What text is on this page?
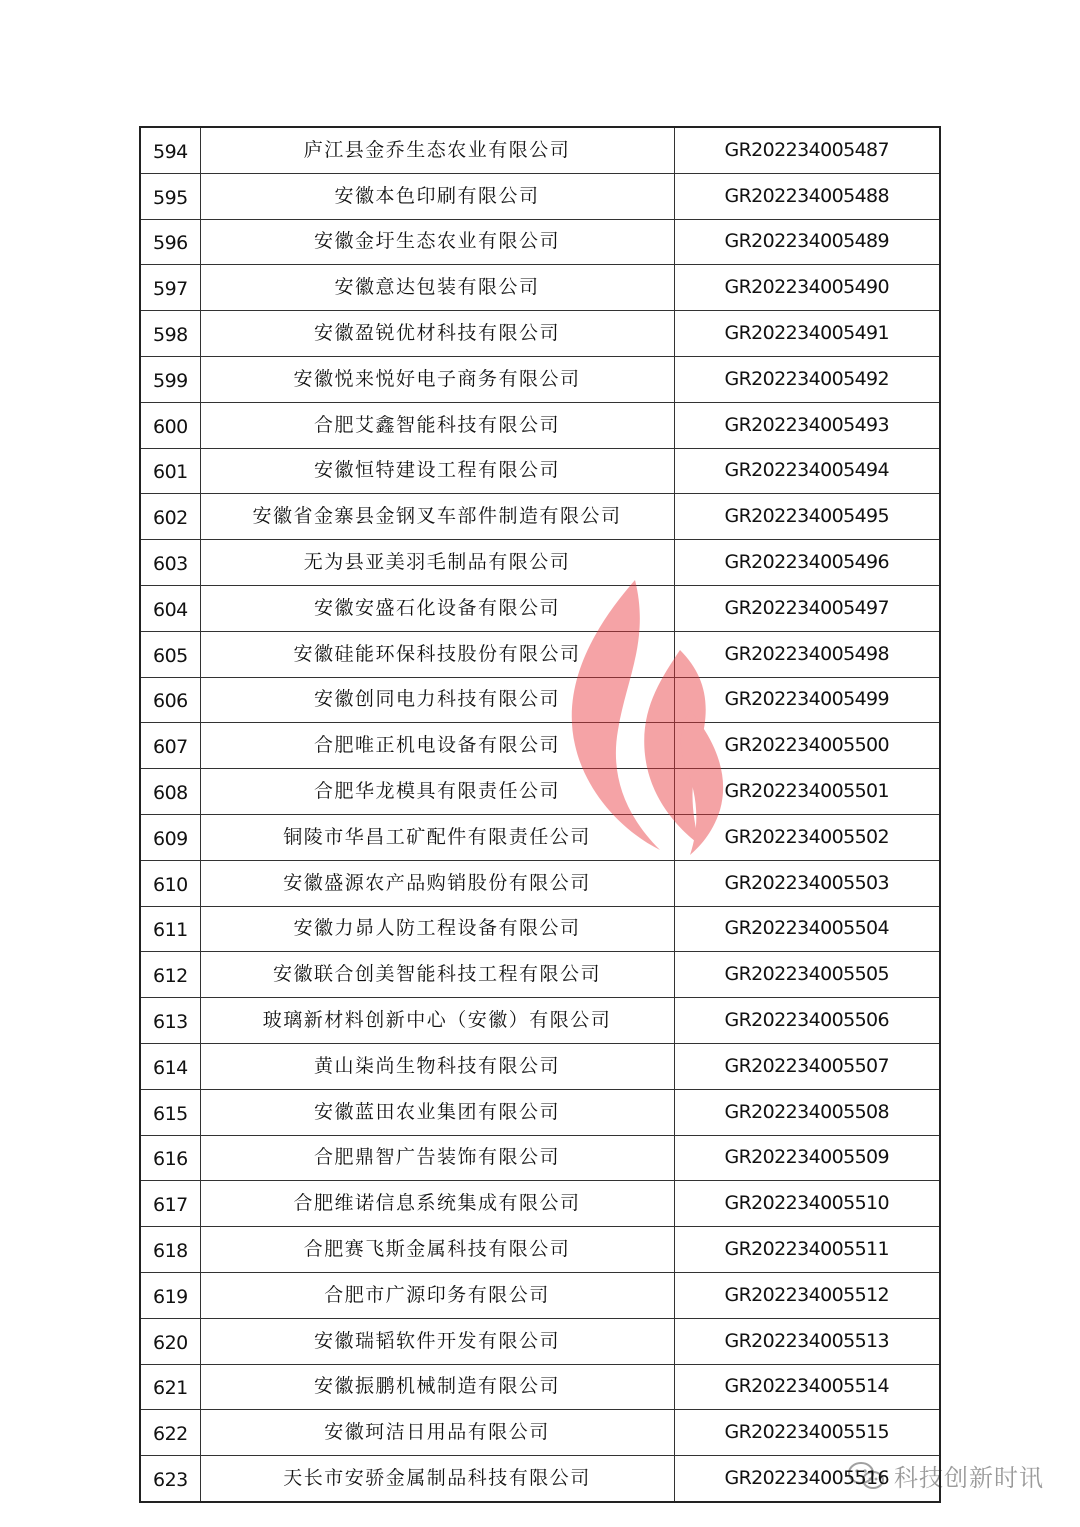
594	庐江县金乔生态农业有限公司	GR202234005487
595	安徽本色印刷有限公司	GR202234005488
596	安徽金圩生态农业有限公司	GR202234005489
597	安徽意达包装有限公司	GR202234005490
598	安徽盈锐优材科技有限公司	GR202234005491
599	安徽悦来悦好电子商务有限公司	GR202234005492
600	合肥艾鑫智能科技有限公司	GR202234005493
601	安徽恒特建设工程有限公司	GR202234005494
602	安徽省金寨县金钢叉车部件制造有限公司	GR202234005495
603	无为县亚美羽毛制品有限公司	GR202234005496
604	安徽安盛石化设备有限公司	GR202234005497
605	安徽硅能环保科技股份有限公司	GR202234005498
606	安徽创同电力科技有限公司	GR202234005499
607	合肥唯正机电设备有限公司	GR202234005500
608	合肥华龙模具有限责任公司	GR202234005501
609	铜陵市华昌工矿配件有限责任公司	GR202234005502
610	安徽盛源农产品购销股份有限公司	GR202234005503
611	安徽力昴人防工程设备有限公司	GR202234005504
612	安徽联合创美智能科技工程有限公司	GR202234005505
613	玻璃新材料创新中心（安徽）有限公司	GR202234005506
614	黄山柒尚生物科技有限公司	GR202234005507
615	安徽蓝田农业集团有限公司	GR202234005508
616	合肥鼎智广告装饰有限公司	GR202234005509
617	合肥维诺信息系统集成有限公司	GR202234005510
618	合肥赛飞斯金属科技有限公司	GR202234005511
619	合肥市广源印务有限公司	GR202234005512
620	安徽瑞韬软件开发有限公司	GR202234005513
621	安徽振鹏机械制造有限公司	GR202234005514
622	安徽珂洁日用品有限公司	GR202234005515
623	天长市安骄金属制品科技有限公司	GR202234005516 科技创新时讯
